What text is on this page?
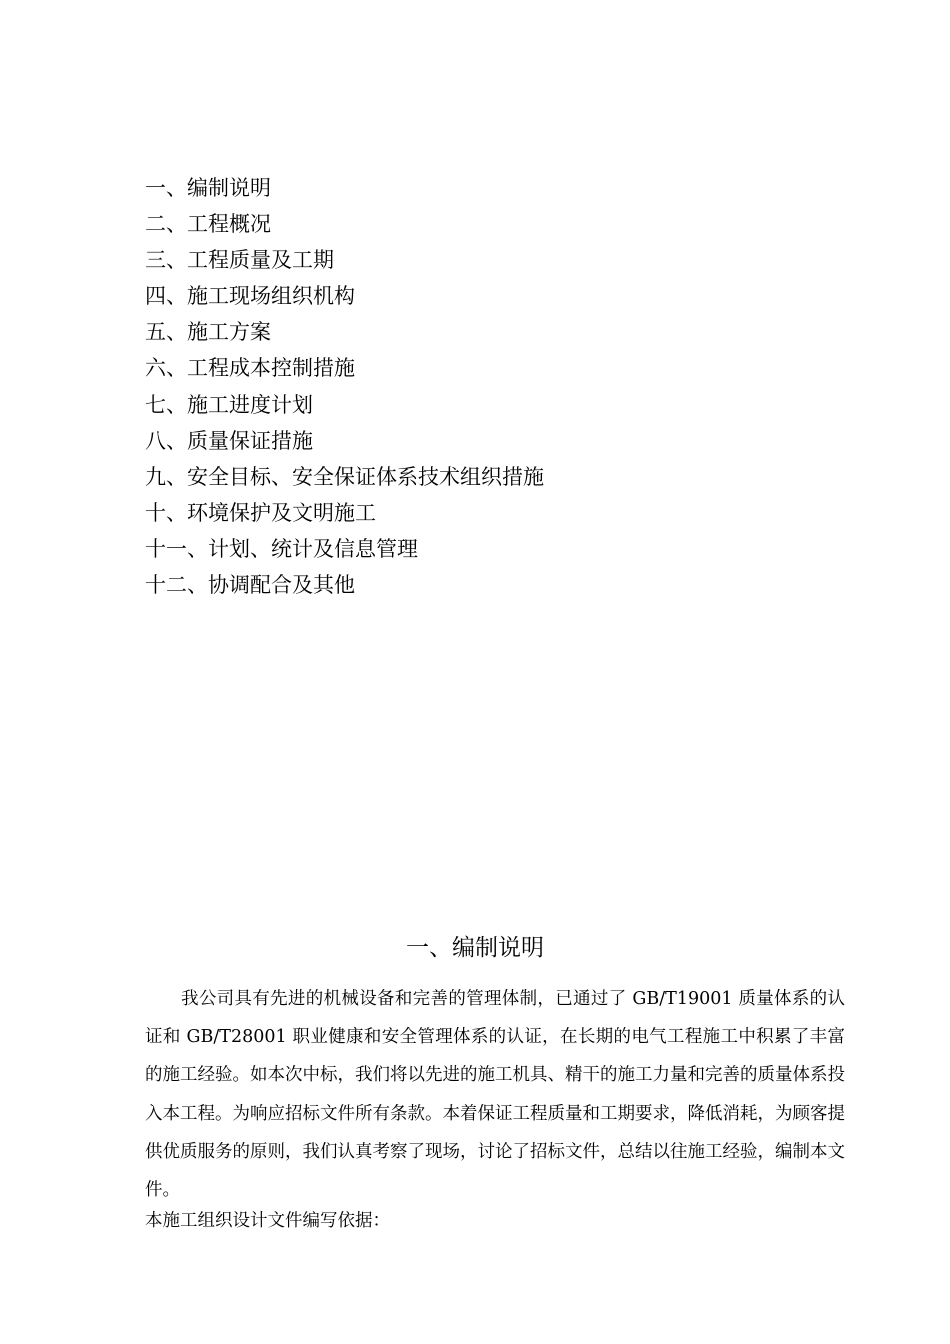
一、编制说明
二、工程概况
三、工程质量及工期
四、施工现场组织机构
五、施工方案
六、工程成本控制措施
七、施工进度计划
八、质量保证措施
九、安全目标、安全保证体系技术组织措施
十、环境保护及文明施工
十一、计划、统计及信息管理
十二、协调配合及其他
一、编制说明

我公司具有先进的机械设备和完善的管理体制，已通过了 GB/T19001 质量体系的认证和 GB/T28001 职业健康和安全管理体系的认证，在长期的电气工程施工中积累了丰富的施工经验。如本次中标，我们将以先进的施工机具、精干的施工力量和完善的质量体系投入本工程。为响应招标文件所有条款。本着保证工程质量和工期要求，降低消耗，为顾客提供优质服务的原则，我们认真考察了现场，讨论了招标文件，总结以往施工经验，编制本文件。

本施工组织设计文件编写依据：
